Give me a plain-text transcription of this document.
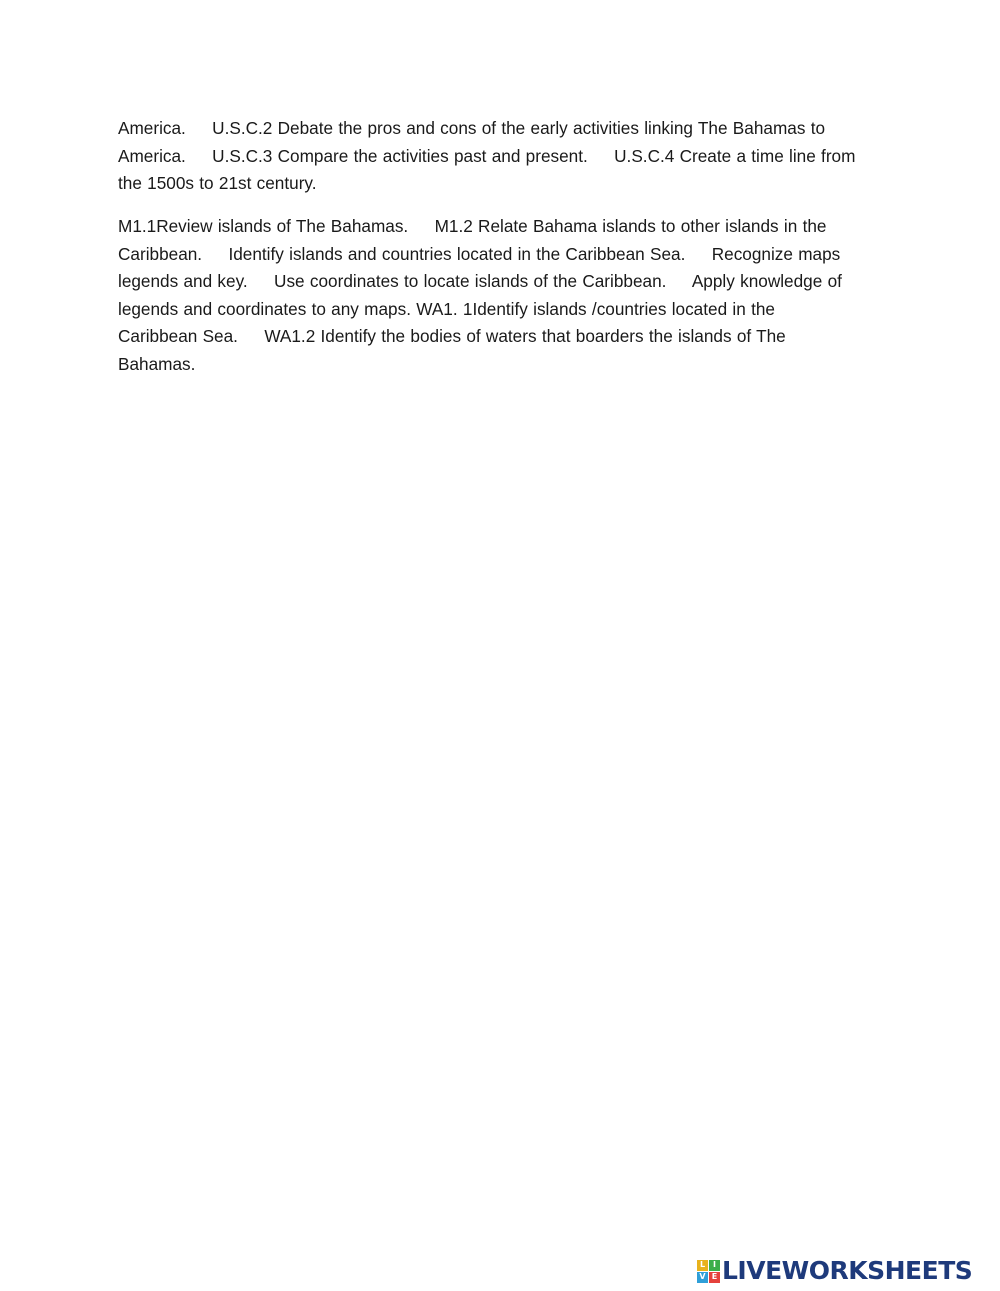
America.     U.S.C.2 Debate the pros and cons of the early activities linking The Bahamas to
America.     U.S.C.3 Compare the activities past and present.     U.S.C.4 Create a time line from
the 1500s to 21st century.
M1.1Review islands of The Bahamas.     M1.2 Relate Bahama islands to other islands in the
Caribbean.     Identify islands and countries located in the Caribbean Sea.     Recognize maps
legends and key.     Use coordinates to locate islands of the Caribbean.     Apply knowledge of
legends and coordinates to any maps. WA1. 1Identify islands /countries located in the
Caribbean Sea.     WA1.2 Identify the bodies of waters that boarders the islands of The
Bahamas.
L I
V E LIVEWORKSHEETS
